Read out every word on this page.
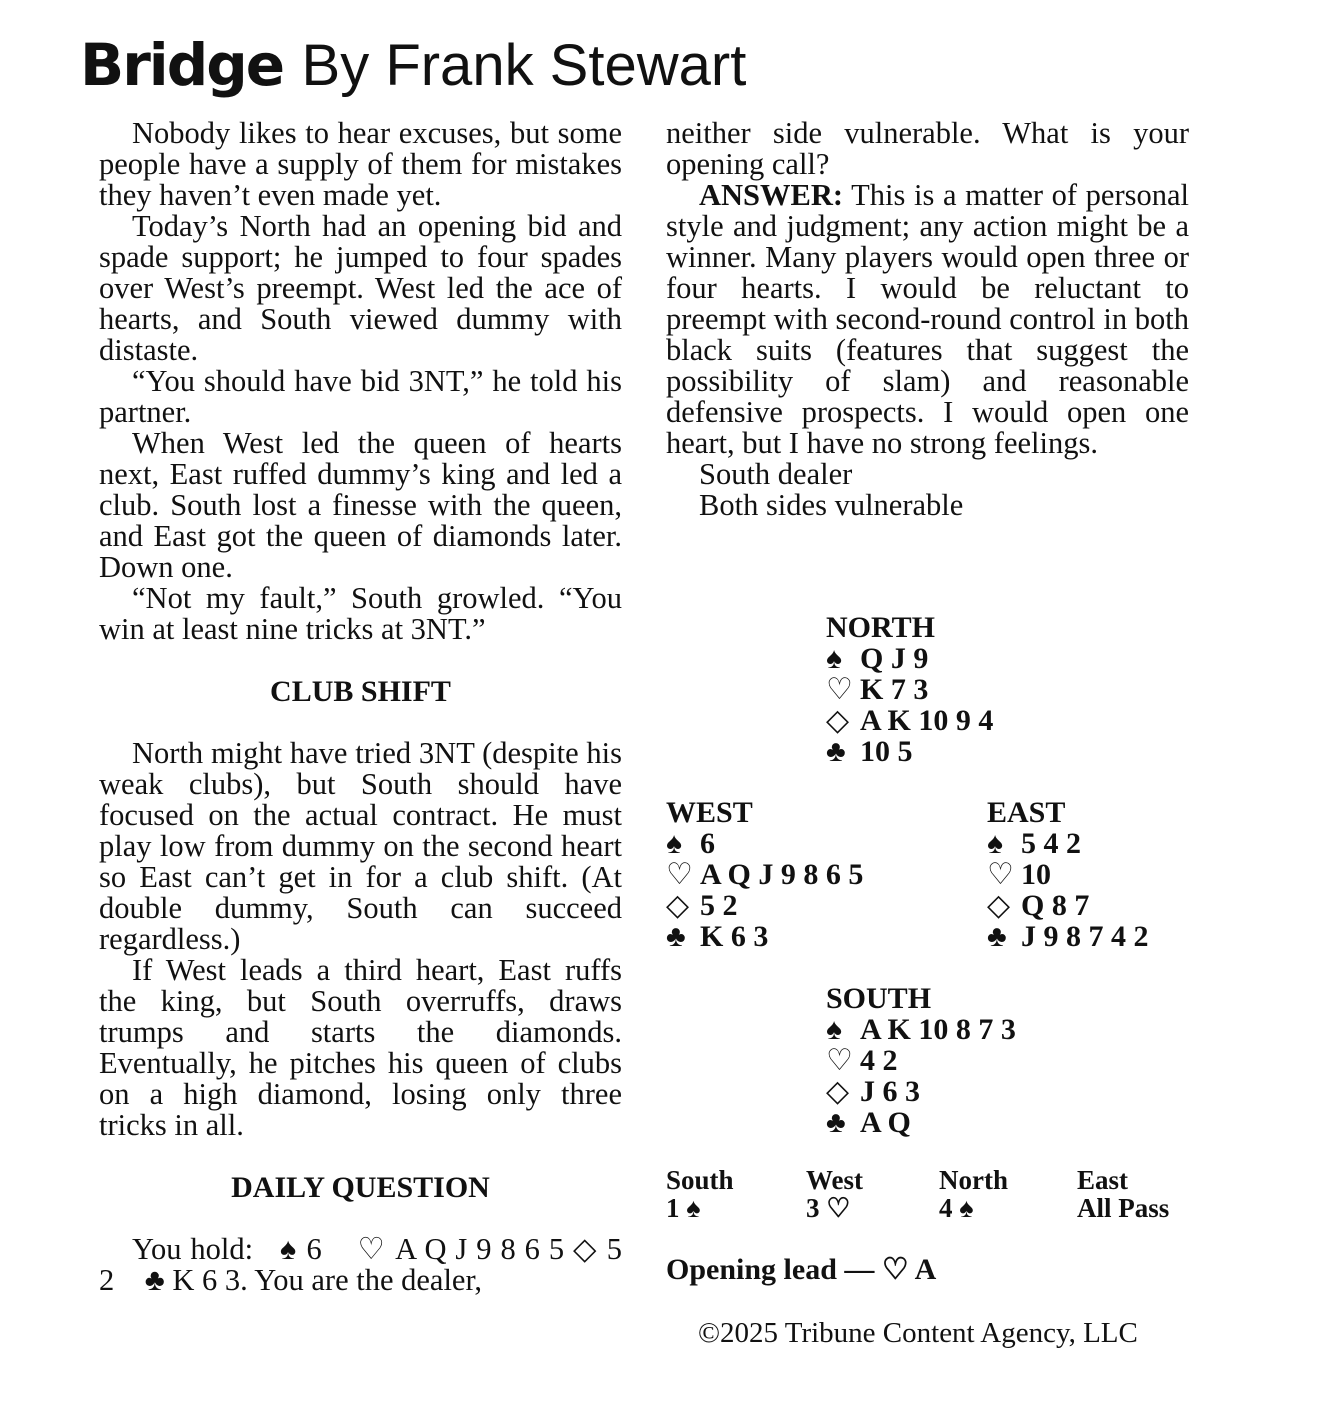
Bridge By Frank Stewart

Nobody likes to hear excuses, but some people have a supply of them for mistakes they haven’t even made yet.

Today’s North had an opening bid and spade support; he jumped to four spades over West’s preempt. West led the ace of hearts, and South viewed dummy with distaste.

“You should have bid 3NT,” he told his partner.

When West led the queen of hearts next, East ruffed dummy’s king and led a club. South lost a finesse with the queen, and East got the queen of diamonds later. Down one.

“Not my fault,” South growled. “You win at least nine tricks at 3NT.”

CLUB SHIFT

North might have tried 3NT (despite his weak clubs), but South should have focused on the actual contract. He must play low from dummy on the second heart so East can’t get in for a club shift. (At double dummy, South can succeed regardless.)

If West leads a third heart, East ruffs the king, but South overruffs, draws trumps and starts the diamonds. Eventually, he pitches his queen of clubs on a high diamond, losing only three tricks in all.

DAILY QUESTION

You hold: ♠ 6 ♡ A Q J 9 8 6 5 ◇ 5 2 ♣ K 6 3. You are the dealer,

neither side vulnerable. What is your opening call?

ANSWER: This is a matter of personal style and judgment; any action might be a winner. Many players would open three or four hearts. I would be reluctant to preempt with second-round control in both black suits (features that suggest the possibility of slam) and reasonable defensive prospects. I would open one heart, but I have no strong feelings.

South dealer
Both sides vulnerable
NORTH
♠ Q J 9
♡ K 7 3
◇ A K 10 9 4
♣ 10 5
WEST
♠ 6
♡ A Q J 9 8 6 5
◇ 5 2
♣ K 6 3
EAST
♠ 5 4 2
♡ 10
◇ Q 8 7
♣ J 9 8 7 4 2
SOUTH
♠ A K 10 8 7 3
♡ 4 2
◇ J 6 3
♣ A Q
South	West	North	East
1 ♠	3 ♡	4 ♠	All Pass
Opening lead — ♡ A
©2025 Tribune Content Agency, LLC
